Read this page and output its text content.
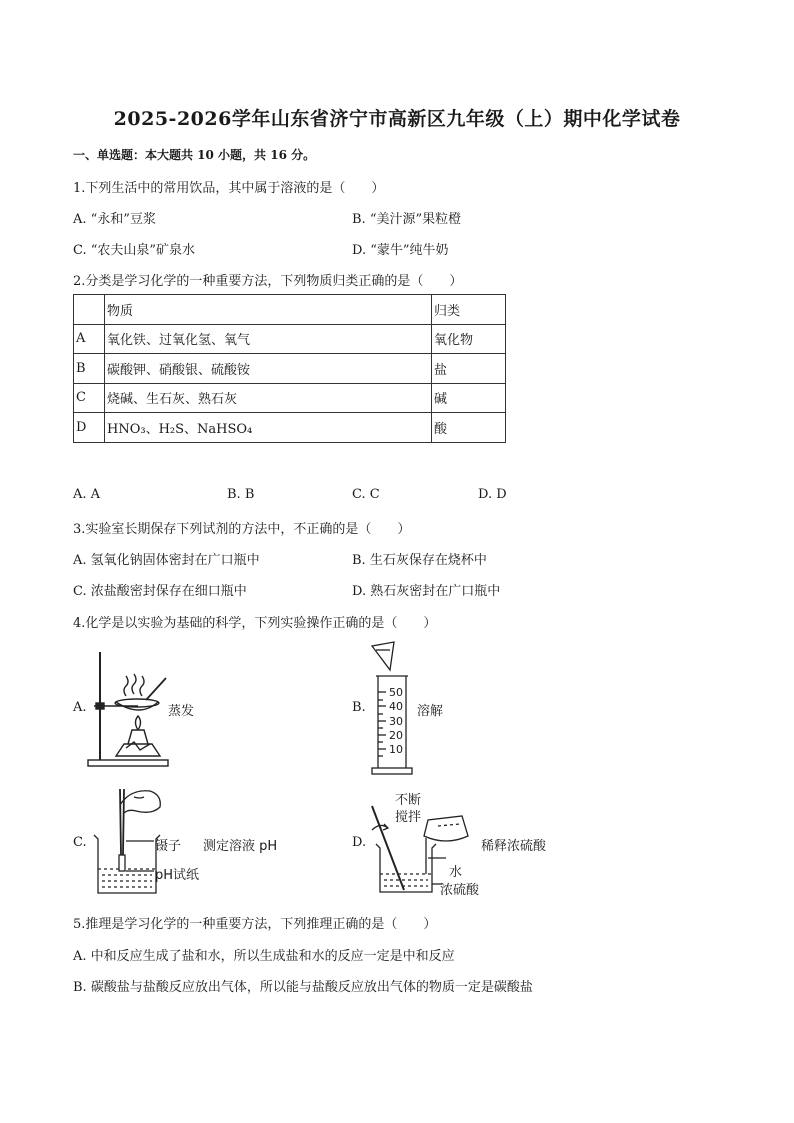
2025-2026学年山东省济宁市高新区九年级（上）期中化学试卷
一、单选题：本大题共 10 小题，共 16 分。
1.下列生活中的常用饮品，其中属于溶液的是（　　）
A. “永和”豆浆	B. “美汁源”果粒橙
C. “农夫山泉”矿泉水	D. “蒙牛”纯牛奶
2.分类是学习化学的一种重要方法，下列物质归类正确的是（　　）
	物质	归类
A	氧化铁、过氧化氢、氧气	氧化物
B	碳酸钾、硝酸银、硫酸铵	盐
C	烧碱、生石灰、熟石灰	碱
D	HNO₃、H₂S、NaHSO₄	酸
A. A	B. B	C. C	D. D
3.实验室长期保存下列试剂的方法中，不正确的是（　　）
A. 氢氧化钠固体密封在广口瓶中	B. 生石灰保存在烧杯中
C. 浓盐酸密封保存在细口瓶中	D. 熟石灰密封在广口瓶中
4.化学是以实验为基础的科学，下列实验操作正确的是（　　）
A.	蒸发	B.
50
40
30
20
10
溶解
C.	镊子 测定溶液 pH
pH试纸
D.
不断
搅拌
稀释浓硫酸
水
浓硫酸
5.推理是学习化学的一种重要方法，下列推理正确的是（　　）
A. 中和反应生成了盐和水，所以生成盐和水的反应一定是中和反应
B. 碳酸盐与盐酸反应放出气体，所以能与盐酸反应放出气体的物质一定是碳酸盐
